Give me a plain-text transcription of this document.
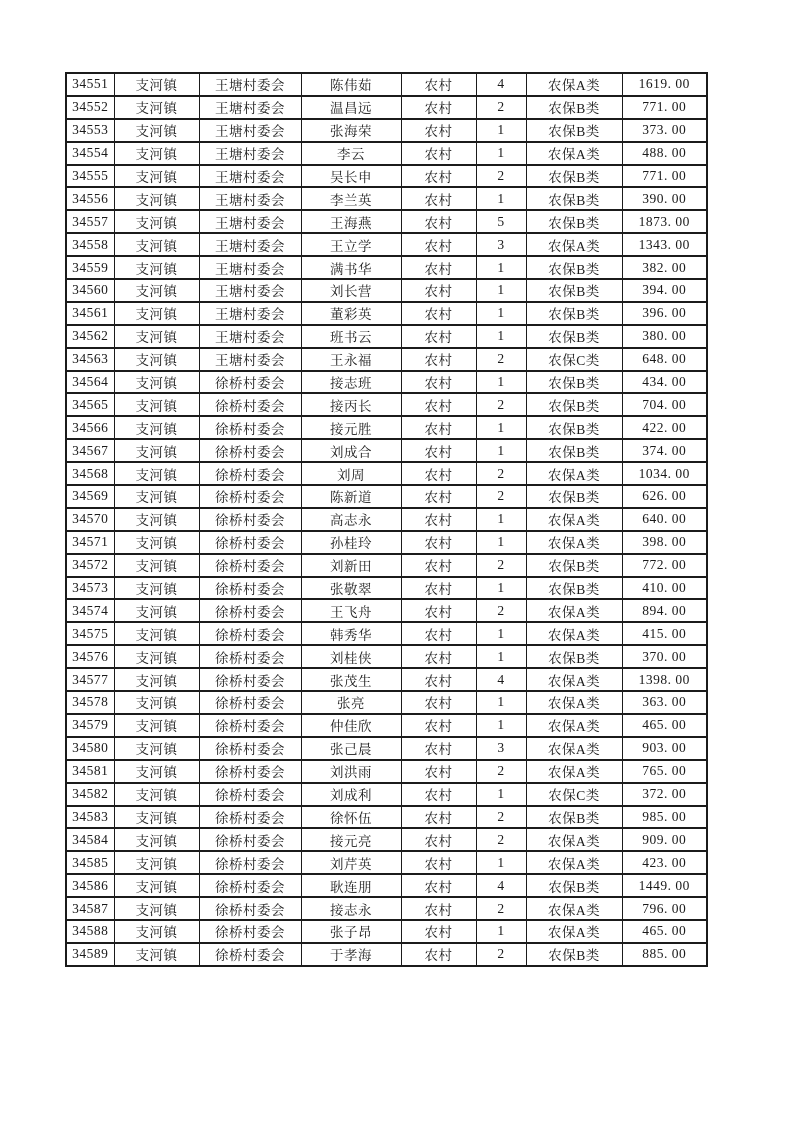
34551	支河镇	王塘村委会	陈伟茹	农村	4	农保A类	1619. 00
34552	支河镇	王塘村委会	温昌远	农村	2	农保B类	771. 00
34553	支河镇	王塘村委会	张海荣	农村	1	农保B类	373. 00
34554	支河镇	王塘村委会	李云	农村	1	农保A类	488. 00
34555	支河镇	王塘村委会	吴长申	农村	2	农保B类	771. 00
34556	支河镇	王塘村委会	李兰英	农村	1	农保B类	390. 00
34557	支河镇	王塘村委会	王海燕	农村	5	农保B类	1873. 00
34558	支河镇	王塘村委会	王立学	农村	3	农保A类	1343. 00
34559	支河镇	王塘村委会	满书华	农村	1	农保B类	382. 00
34560	支河镇	王塘村委会	刘长营	农村	1	农保B类	394. 00
34561	支河镇	王塘村委会	董彩英	农村	1	农保B类	396. 00
34562	支河镇	王塘村委会	班书云	农村	1	农保B类	380. 00
34563	支河镇	王塘村委会	王永福	农村	2	农保C类	648. 00
34564	支河镇	徐桥村委会	接志班	农村	1	农保B类	434. 00
34565	支河镇	徐桥村委会	接丙长	农村	2	农保B类	704. 00
34566	支河镇	徐桥村委会	接元胜	农村	1	农保B类	422. 00
34567	支河镇	徐桥村委会	刘成合	农村	1	农保B类	374. 00
34568	支河镇	徐桥村委会	刘周	农村	2	农保A类	1034. 00
34569	支河镇	徐桥村委会	陈新道	农村	2	农保B类	626. 00
34570	支河镇	徐桥村委会	高志永	农村	1	农保A类	640. 00
34571	支河镇	徐桥村委会	孙桂玲	农村	1	农保A类	398. 00
34572	支河镇	徐桥村委会	刘新田	农村	2	农保B类	772. 00
34573	支河镇	徐桥村委会	张敬翠	农村	1	农保B类	410. 00
34574	支河镇	徐桥村委会	王飞舟	农村	2	农保A类	894. 00
34575	支河镇	徐桥村委会	韩秀华	农村	1	农保A类	415. 00
34576	支河镇	徐桥村委会	刘桂侠	农村	1	农保B类	370. 00
34577	支河镇	徐桥村委会	张茂生	农村	4	农保A类	1398. 00
34578	支河镇	徐桥村委会	张亮	农村	1	农保A类	363. 00
34579	支河镇	徐桥村委会	仲佳欣	农村	1	农保A类	465. 00
34580	支河镇	徐桥村委会	张己晨	农村	3	农保A类	903. 00
34581	支河镇	徐桥村委会	刘洪雨	农村	2	农保A类	765. 00
34582	支河镇	徐桥村委会	刘成利	农村	1	农保C类	372. 00
34583	支河镇	徐桥村委会	徐怀伍	农村	2	农保B类	985. 00
34584	支河镇	徐桥村委会	接元亮	农村	2	农保A类	909. 00
34585	支河镇	徐桥村委会	刘芹英	农村	1	农保A类	423. 00
34586	支河镇	徐桥村委会	耿连朋	农村	4	农保B类	1449. 00
34587	支河镇	徐桥村委会	接志永	农村	2	农保A类	796. 00
34588	支河镇	徐桥村委会	张子昂	农村	1	农保A类	465. 00
34589	支河镇	徐桥村委会	于孝海	农村	2	农保B类	885. 00
